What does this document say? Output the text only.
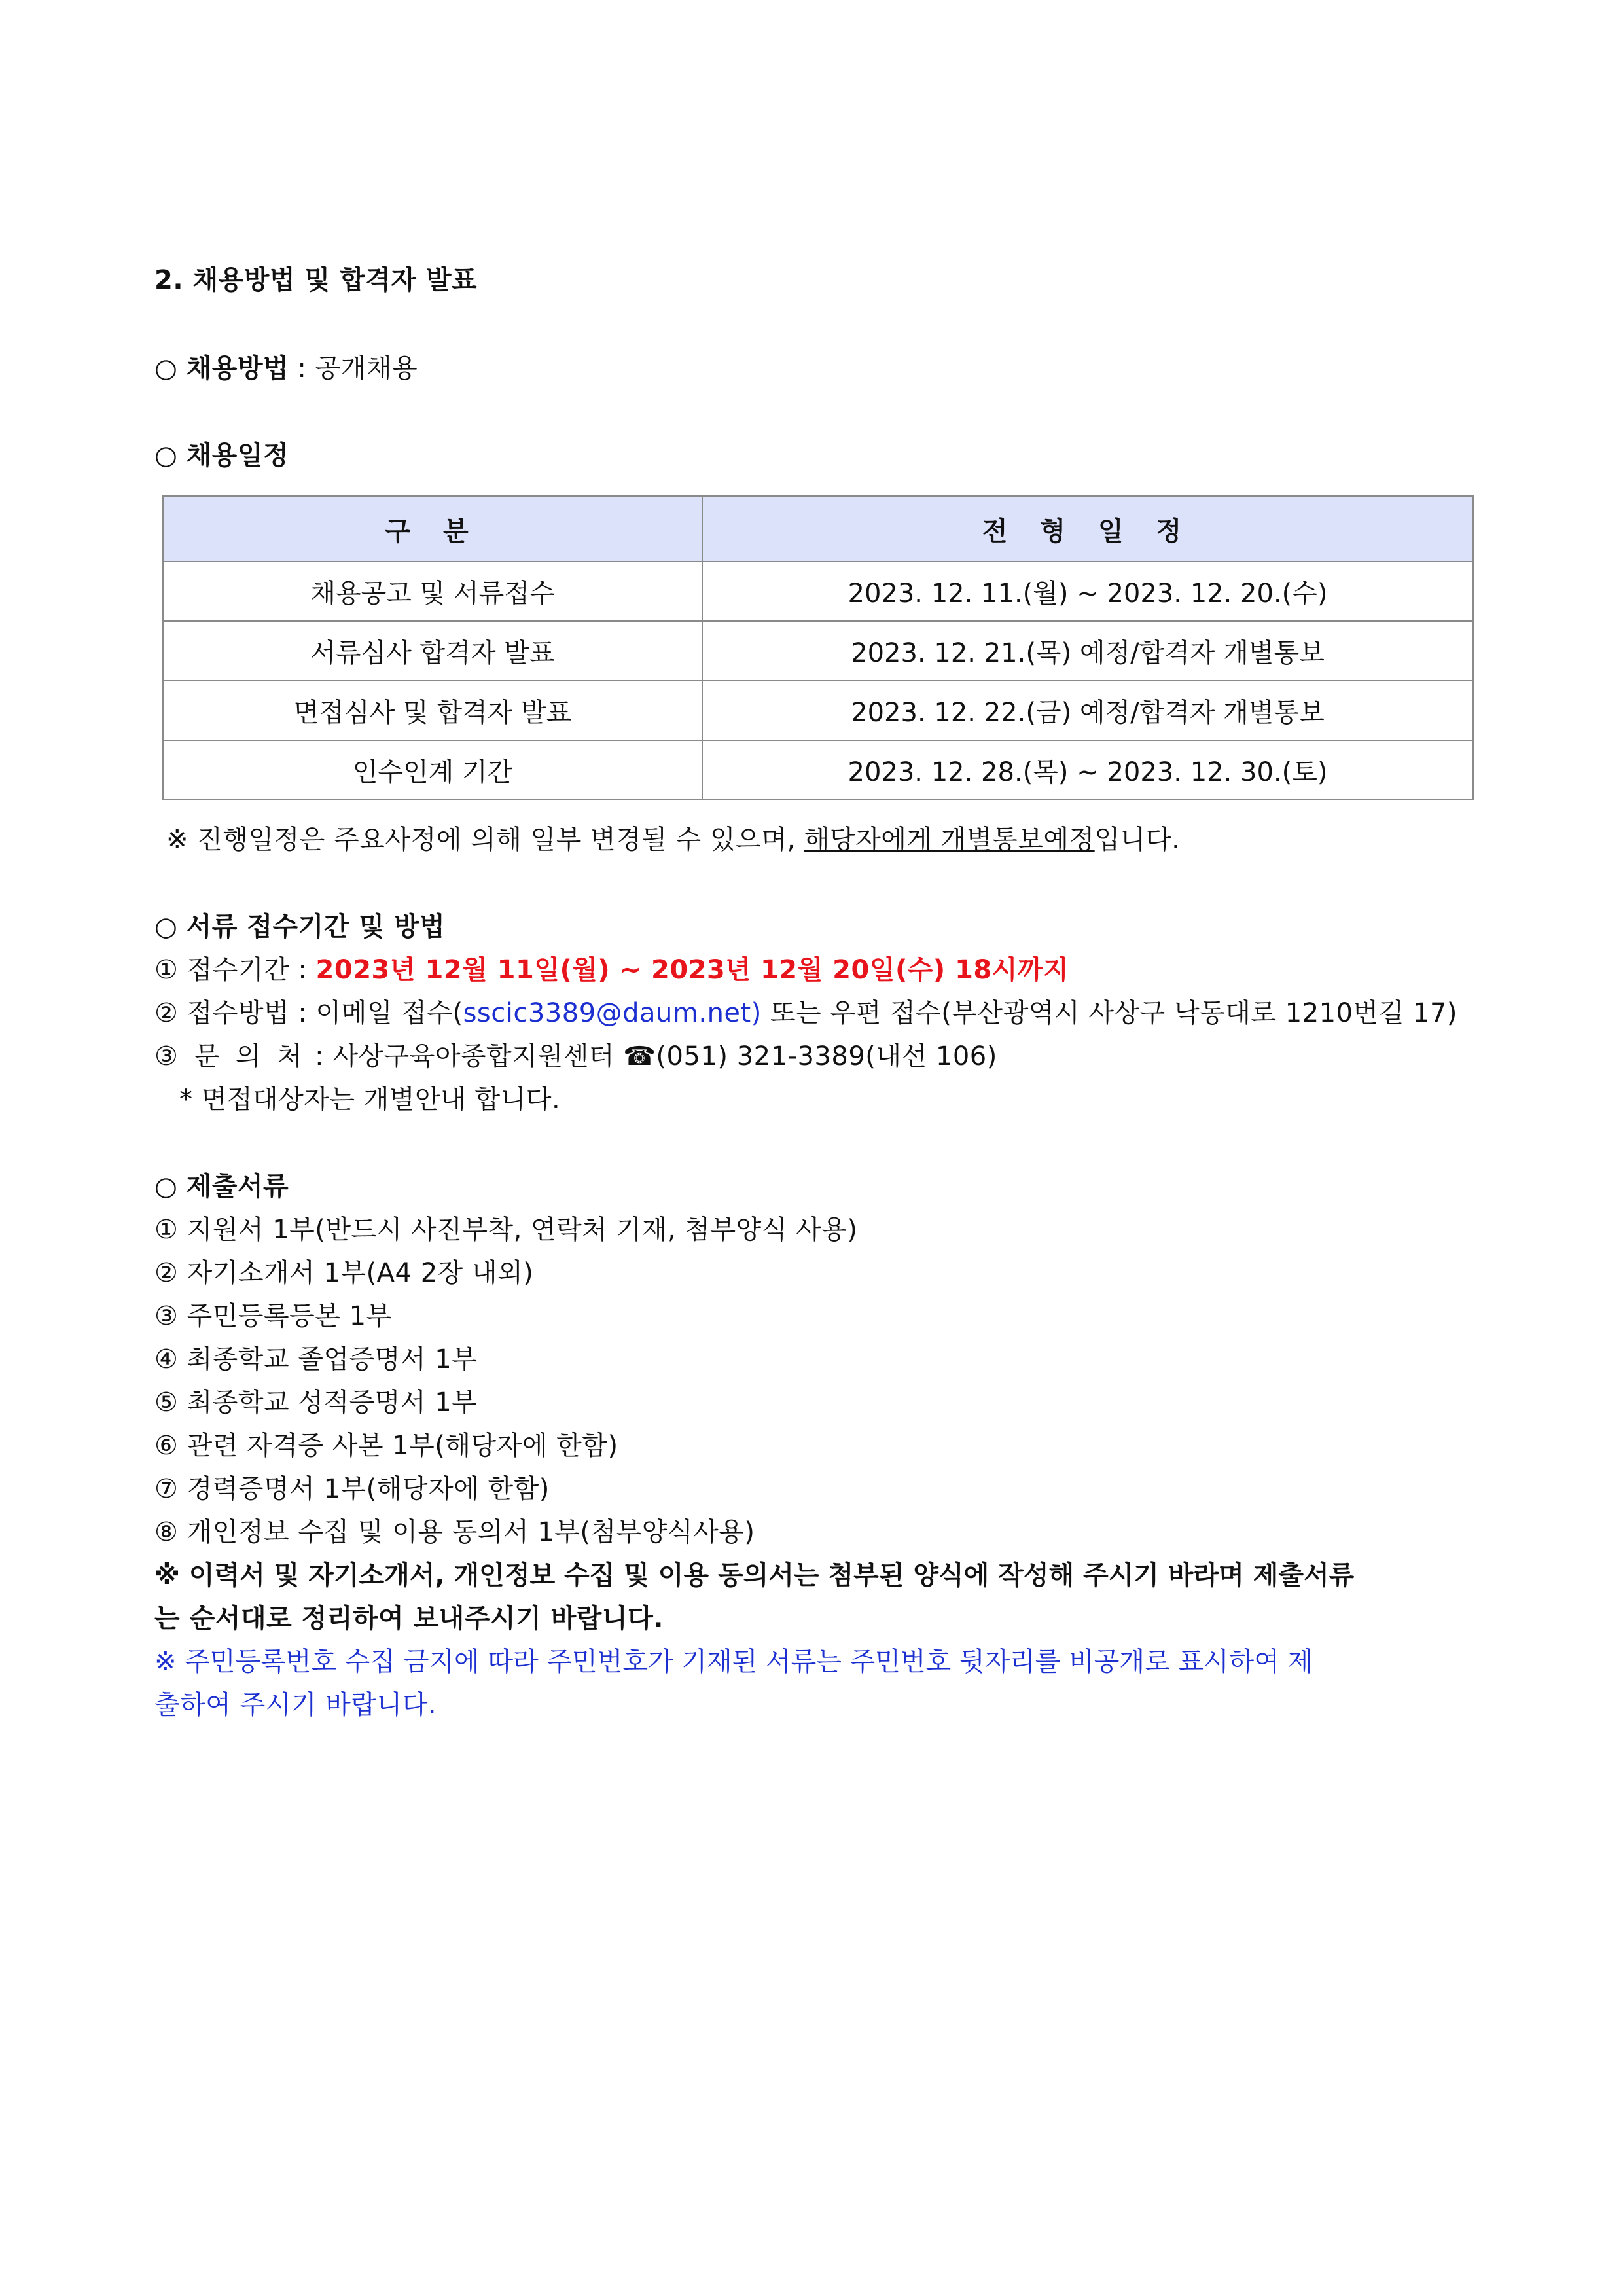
2. 채용방법 및 합격자 발표
○ 채용방법 : 공개채용
○ 채용일정
구 분	전 형 일 정
채용공고 및 서류접수	2023. 12. 11.(월) ~ 2023. 12. 20.(수)
서류심사 합격자 발표	2023. 12. 21.(목) 예정/합격자 개별통보
면접심사 및 합격자 발표	2023. 12. 22.(금) 예정/합격자 개별통보
인수인계 기간	2023. 12. 28.(목) ~ 2023. 12. 30.(토)
※ 진행일정은 주요사정에 의해 일부 변경될 수 있으며, 해당자에게 개별통보예정입니다.
○ 서류 접수기간 및 방법
① 접수기간 : 2023년 12월 11일(월) ~ 2023년 12월 20일(수) 18시까지
② 접수방법 : 이메일 접수(sscic3389@daum.net) 또는 우편 접수(부산광역시 사상구 낙동대로 1210번길 17)
③ 문 의 처 : 사상구육아종합지원센터 ☎(051) 321-3389(내선 106)
* 면접대상자는 개별안내 합니다.
○ 제출서류
① 지원서 1부(반드시 사진부착, 연락처 기재, 첨부양식 사용)
② 자기소개서 1부(A4 2장 내외)
③ 주민등록등본 1부
④ 최종학교 졸업증명서 1부
⑤ 최종학교 성적증명서 1부
⑥ 관련 자격증 사본 1부(해당자에 한함)
⑦ 경력증명서 1부(해당자에 한함)
⑧ 개인정보 수집 및 이용 동의서 1부(첨부양식사용)
※ 이력서 및 자기소개서, 개인정보 수집 및 이용 동의서는 첨부된 양식에 작성해 주시기 바라며 제출서류
는 순서대로 정리하여 보내주시기 바랍니다.
※ 주민등록번호 수집 금지에 따라 주민번호가 기재된 서류는 주민번호 뒷자리를 비공개로 표시하여 제
출하여 주시기 바랍니다.
